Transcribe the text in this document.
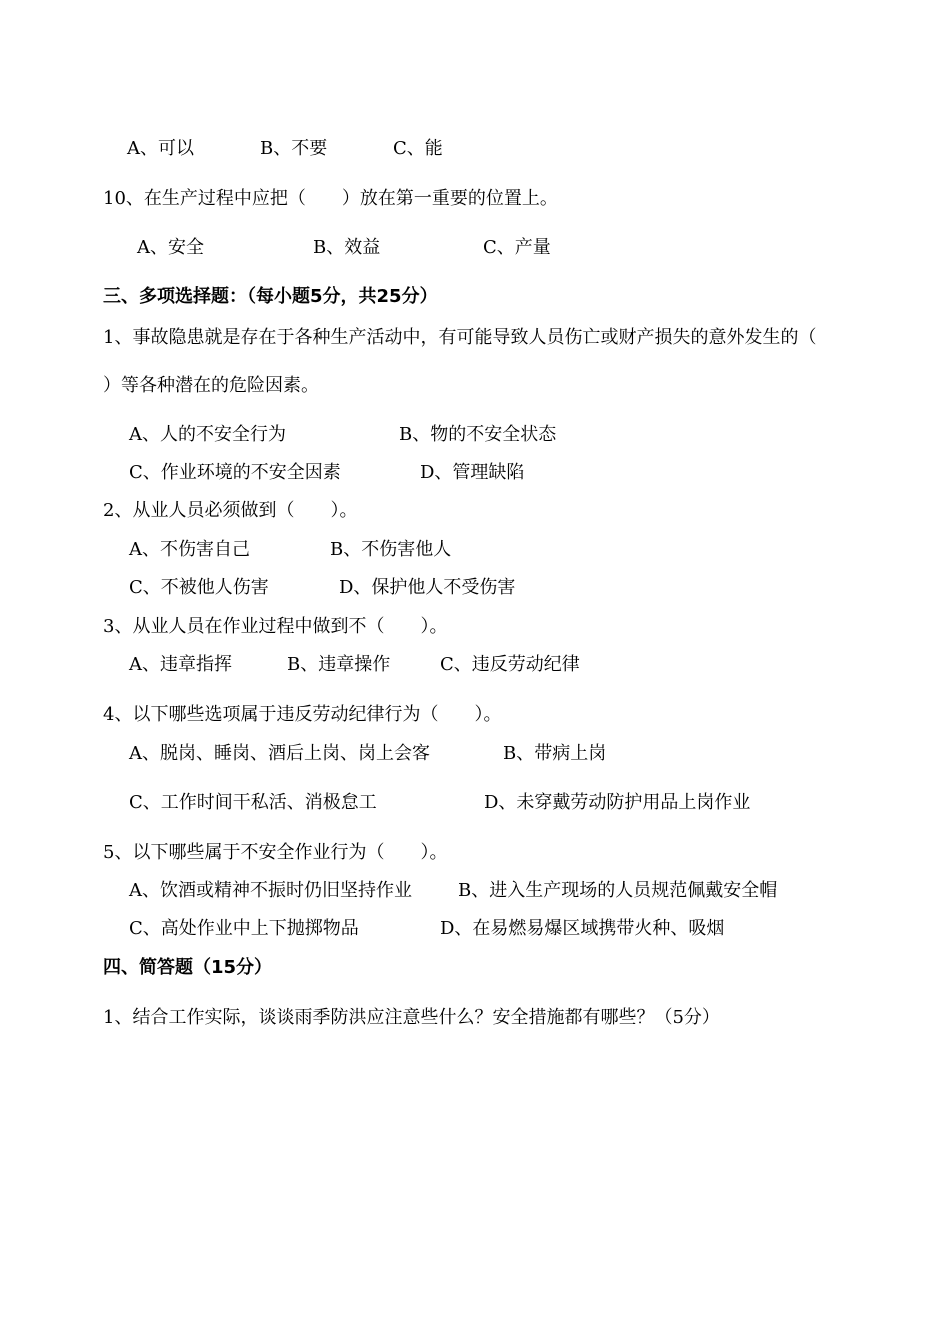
A、可以	B、不要	C、能
10、在生产过程中应把（　　）放在第一重要的位置上。
A、安全	B、效益	C、产量
三、多项选择题：（每小题5分，共25分）
1、事故隐患就是存在于各种生产活动中，有可能导致人员伤亡或财产损失的意外发生的（
）等各种潜在的危险因素。
A、人的不安全行为	B、物的不安全状态
C、作业环境的不安全因素	D、管理缺陷
2、从业人员必须做到（　　）。
A、不伤害自己	B、不伤害他人
C、不被他人伤害	D、保护他人不受伤害
3、从业人员在作业过程中做到不（　　）。
A、违章指挥	B、违章操作	C、违反劳动纪律
4、以下哪些选项属于违反劳动纪律行为（　　）。
A、脱岗、睡岗、酒后上岗、岗上会客	B、带病上岗
C、工作时间干私活、消极怠工	D、未穿戴劳动防护用品上岗作业
5、以下哪些属于不安全作业行为（　　）。
A、饮酒或精神不振时仍旧坚持作业	B、进入生产现场的人员规范佩戴安全帽
C、高处作业中上下抛掷物品	D、在易燃易爆区域携带火种、吸烟
四、简答题（15分）
1、结合工作实际，谈谈雨季防洪应注意些什么？安全措施都有哪些？（5分）
